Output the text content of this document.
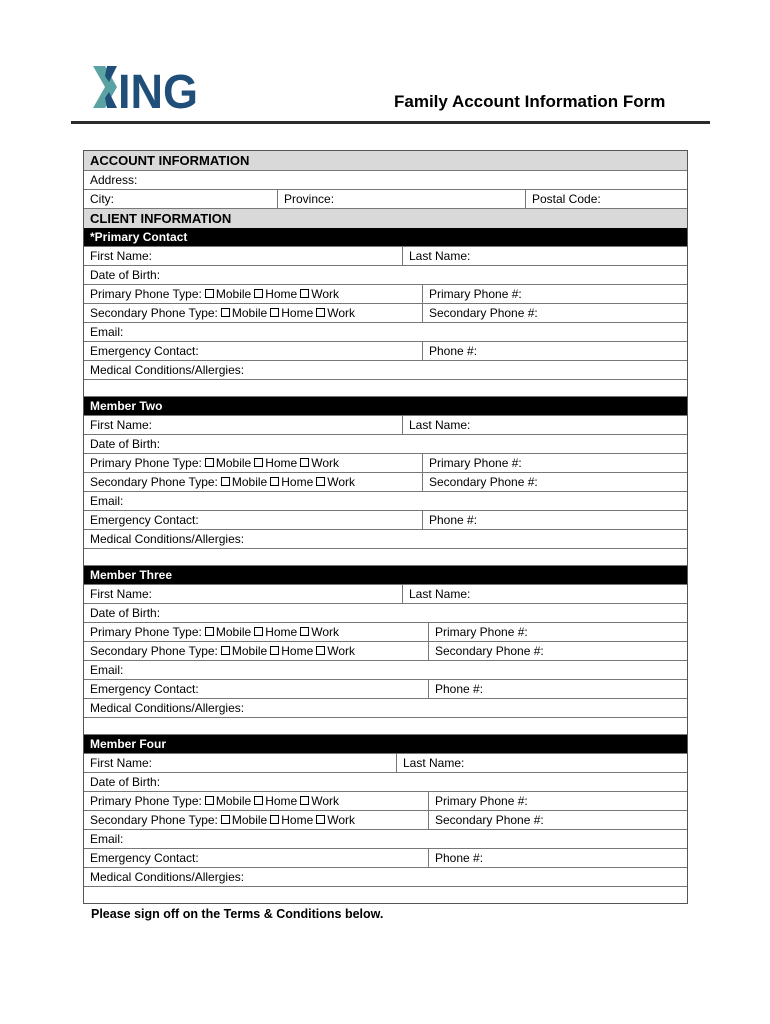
ING	Family Account Information Form
ACCOUNT INFORMATION
Address:
City:	Province:	Postal Code:
CLIENT INFORMATION
*Primary Contact
First Name:	Last Name:
Date of Birth:
Primary Phone Type: Mobile Home Work	Primary Phone #:
Secondary Phone Type: Mobile Home Work	Secondary Phone #:
Email:
Emergency Contact:	Phone #:
Medical Conditions/Allergies:
Member Two
First Name:	Last Name:
Date of Birth:
Primary Phone Type: Mobile Home Work	Primary Phone #:
Secondary Phone Type: Mobile Home Work	Secondary Phone #:
Email:
Emergency Contact:	Phone #:
Medical Conditions/Allergies:
Member Three
First Name:	Last Name:
Date of Birth:
Primary Phone Type: Mobile Home Work	Primary Phone #:
Secondary Phone Type: Mobile Home Work	Secondary Phone #:
Email:
Emergency Contact:	Phone #:
Medical Conditions/Allergies:
Member Four
First Name:	Last Name:
Date of Birth:
Primary Phone Type: Mobile Home Work	Primary Phone #:
Secondary Phone Type: Mobile Home Work	Secondary Phone #:
Email:
Emergency Contact:	Phone #:
Medical Conditions/Allergies:
Please sign off on the Terms & Conditions below.
